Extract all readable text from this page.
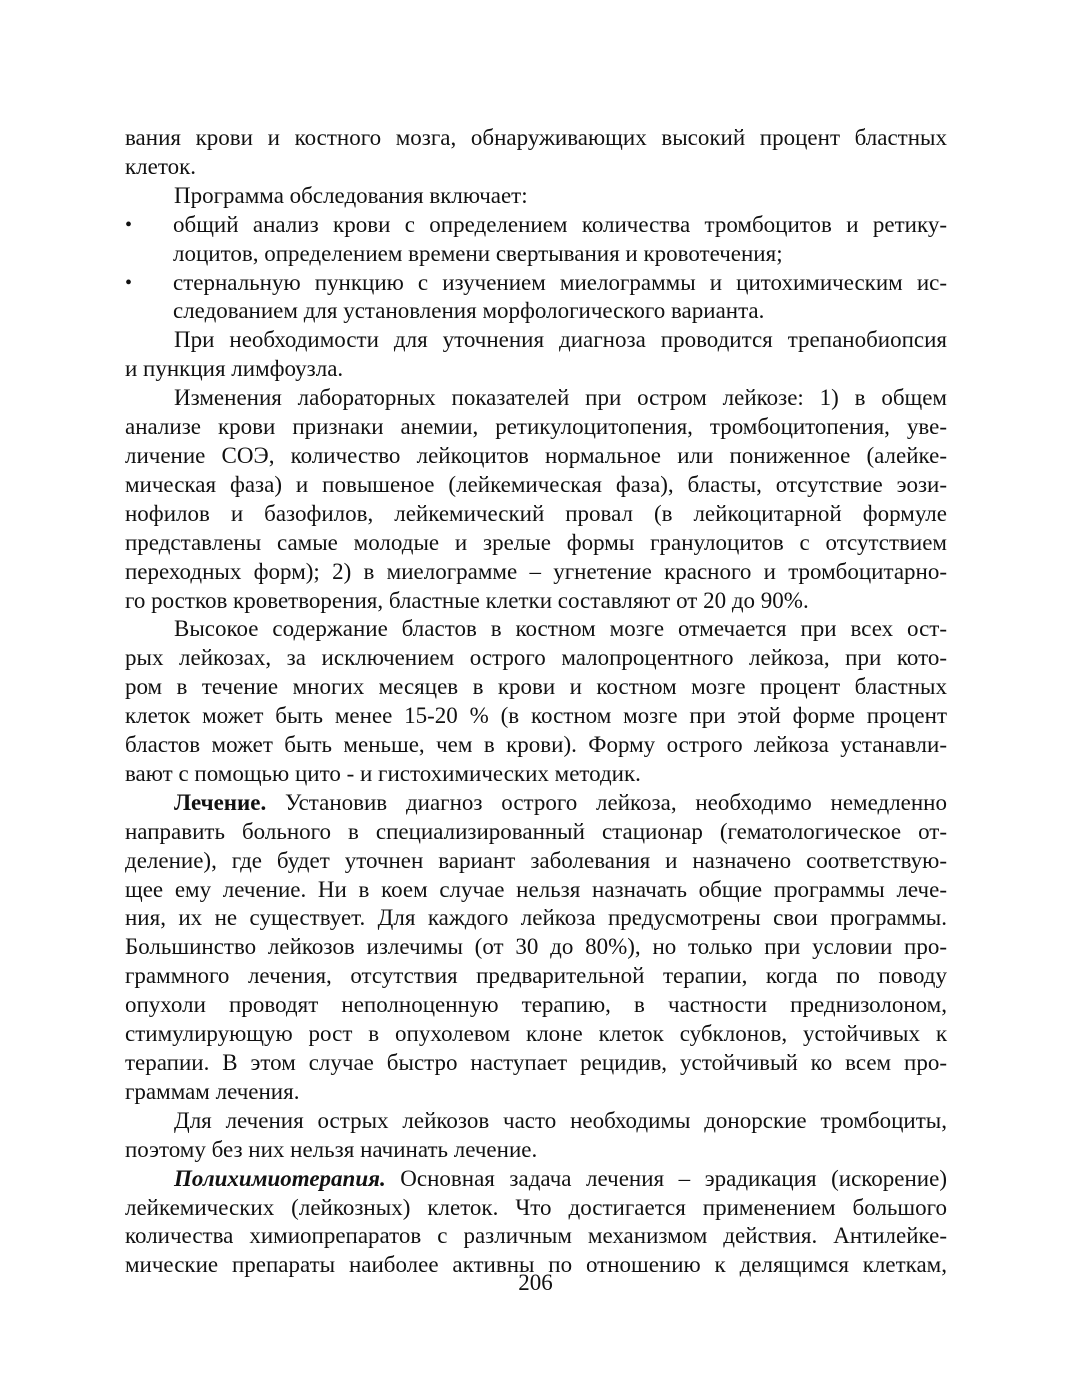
вания крови и костного мозга, обнаруживающих высокий процент бластных
клеток.
Программа обследования включает:
•	общий анализ крови с определением количества тромбоцитов и ретику-
лоцитов, определением времени свертывания и кровотечения;
•	стернальную пункцию с изучением миелограммы и цитохимическим ис-
следованием для установления морфологического варианта.
При необходимости для уточнения диагноза проводится трепанобиопсия
и пункция лимфоузла.
Изменения лабораторных показателей при остром лейкозе: 1) в общем
анализе крови признаки анемии, ретикулоцитопения, тромбоцитопения, уве-
личение СОЭ, количество лейкоцитов нормальное или пониженное (алейке-
мическая фаза) и повышеное (лейкемическая фаза), бласты, отсутствие эози-
нофилов и базофилов, лейкемический провал (в лейкоцитарной формуле
представлены самые молодые и зрелые формы гранулоцитов с отсутствием
переходных форм); 2) в миелограмме – угнетение красного и тромбоцитарно-
го ростков кроветворения, бластные клетки составляют от 20 до 90%.
Высокое содержание бластов в костном мозге отмечается при всех ост-
рых лейкозах, за исключением острого малопроцентного лейкоза, при кото-
ром в течение многих месяцев в крови и костном мозге процент бластных
клеток может быть менее 15-20 % (в костном мозге при этой форме процент
бластов может быть меньше, чем в крови). Форму острого лейкоза устанавли-
вают с помощью цито - и гистохимических методик.
Лечение. Установив диагноз острого лейкоза, необходимо немедленно
направить больного в специализированный стационар (гематологическое от-
деление), где будет уточнен вариант заболевания и назначено соответствую-
щее ему лечение. Ни в коем случае нельзя назначать общие программы лече-
ния, их не существует. Для каждого лейкоза предусмотрены свои программы.
Большинство лейкозов излечимы (от 30 до 80%), но только при условии про-
граммного лечения, отсутствия предварительной терапии, когда по поводу
опухоли проводят неполноценную терапию, в частности преднизолоном,
стимулирующую рост в опухолевом клоне клеток субклонов, устойчивых к
терапии. В этом случае быстро наступает рецидив, устойчивый ко всем про-
граммам лечения.
Для лечения острых лейкозов часто необходимы донорские тромбоциты,
поэтому без них нельзя начинать лечение.
Полихимиотерапия. Основная задача лечения – эрадикация (искорение)
лейкемических (лейкозных) клеток. Что достигается применением большого
количества химиопрепаратов с различным механизмом действия. Антилейке-
мические препараты наиболее активны по отношению к делящимся клеткам,
206
